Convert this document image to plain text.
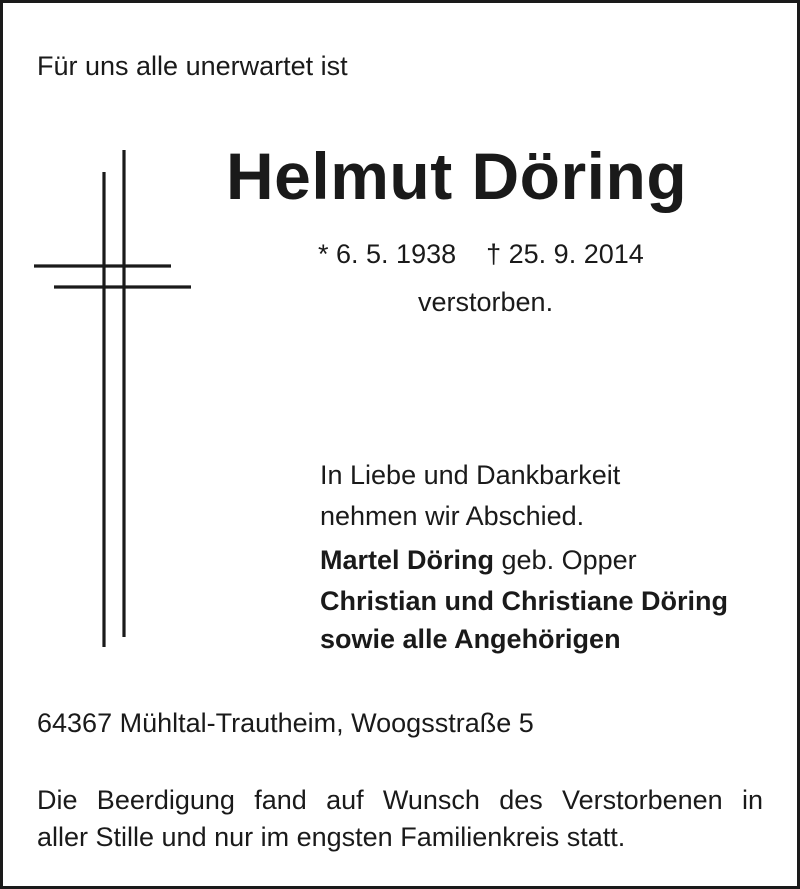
Für uns alle unerwartet ist
Helmut Döring
* 6. 5. 1938 † 25. 9. 2014
verstorben.
In Liebe und Dankbarkeit
nehmen wir Abschied.
Martel Döring geb. Opper
Christian und Christiane Döring
sowie alle Angehörigen
64367 Mühltal-Trautheim, Woogsstraße 5
Die Beerdigung fand auf Wunsch des Verstorbenen in
aller Stille und nur im engsten Familienkreis statt.
